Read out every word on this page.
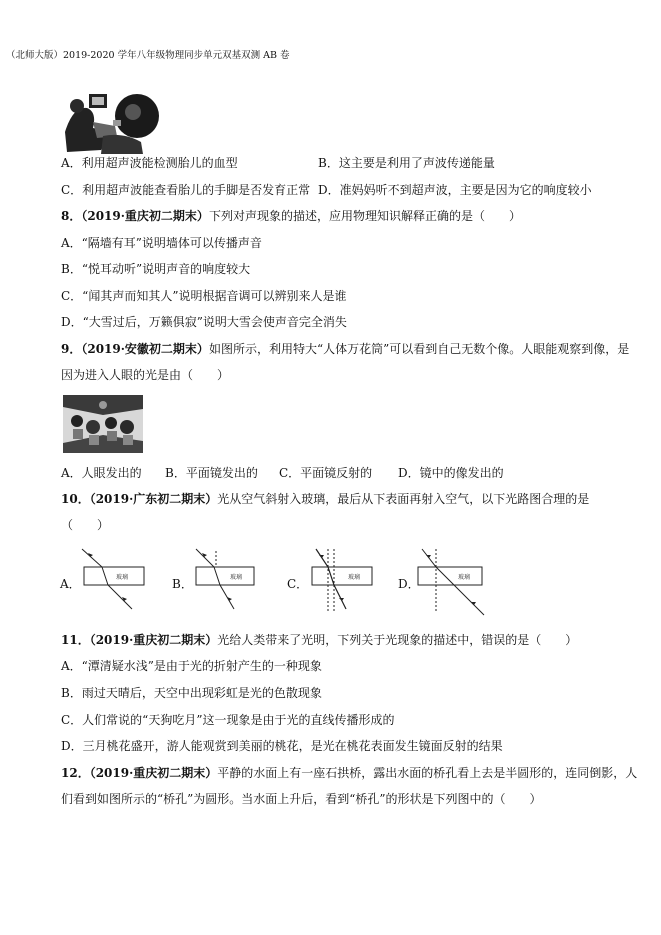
（北师大版）2019-2020 学年八年级物理同步单元双基双测 AB 卷
A．利用超声波能检测胎儿的血型	B．这主要是利用了声波传递能量
C．利用超声波能查看胎儿的手脚是否发育正常 D．准妈妈听不到超声波，主要是因为它的响度较小
8．（2019·重庆初二期末）下列对声现象的描述，应用物理知识解释正确的是（　　）
A．“隔墙有耳”说明墙体可以传播声音
B．“悦耳动听”说明声音的响度较大
C．“闻其声而知其人”说明根据音调可以辨别来人是谁
D．“大雪过后，万籁俱寂”说明大雪会使声音完全消失
9．（2019·安徽初二期末）如图所示，利用特大“人体万花筒”可以看到自己无数个像。人眼能观察到像，是
因为进入人眼的光是由（　　）
A．人眼发出的 B．平面镜发出的 C．平面镜反射的 D．镜中的像发出的
10．（2019·广东初二期末）光从空气斜射入玻璃，最后从下表面再射入空气，以下光路图合理的是
（　　）
A．	玻璃	B．	玻璃	C．	玻璃	D．	玻璃
11．（2019·重庆初二期末）光给人类带来了光明，下列关于光现象的描述中，错误的是（　　）
A．“潭清疑水浅”是由于光的折射产生的一种现象
B．雨过天晴后，天空中出现彩虹是光的色散现象
C．人们常说的“天狗吃月”这一现象是由于光的直线传播形成的
D．三月桃花盛开，游人能观赏到美丽的桃花，是光在桃花表面发生镜面反射的结果
12．（2019·重庆初二期末）平静的水面上有一座石拱桥，露出水面的桥孔看上去是半圆形的，连同倒影，人
们看到如图所示的“桥孔”为圆形。当水面上升后，看到“桥孔”的形状是下列图中的（　　）
